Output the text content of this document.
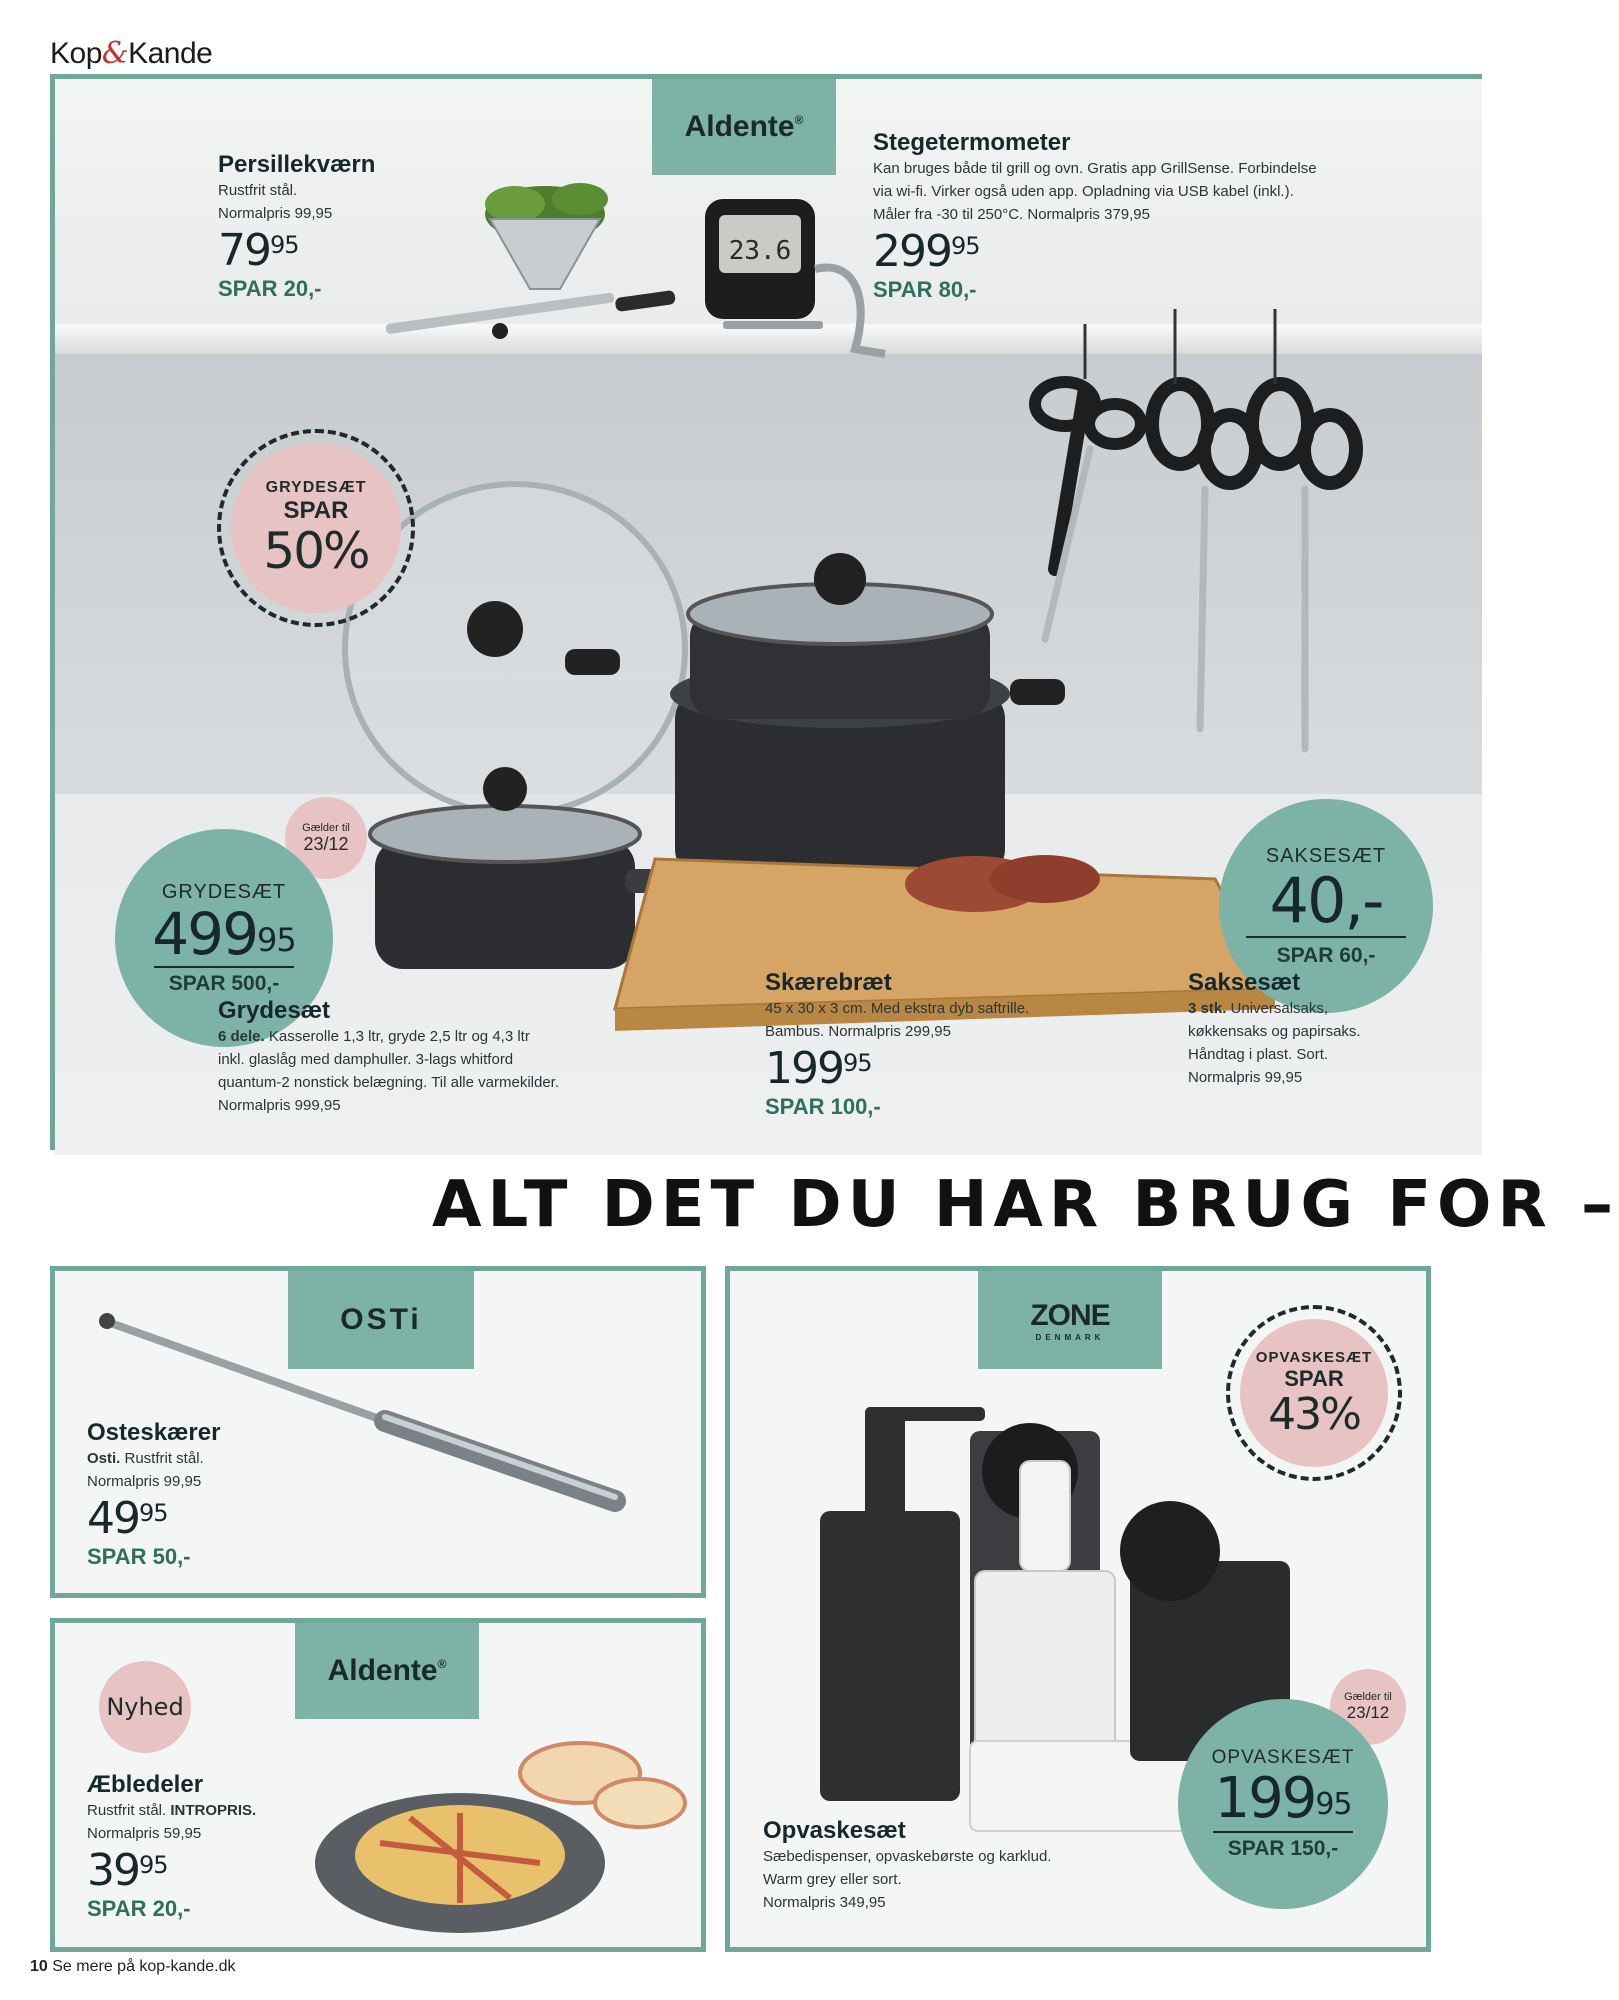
Kop&Kande
Aldente ®
Persillekværn
Rustfrit stål.
Normalpris 99,95
$79^{95}$
SPAR 20,-
23.6
Stegetermometer
Kan bruges både til grill og ovn. Gratis app GrillSense. Forbindelse
via wi-fi. Virker også uden app. Opladning via USB kabel (inkl.).
Måler fra -30 til 250°C. Normalpris 379,95
$299^{95}$
SPAR 80,-
GRYDESÆT
SPAR
50%
Gælder til
23/12
GRYDESÆT
$499^{95}$
SPAR 500,-
SAKSESÆT
40,-
SPAR 60,-
Grydesæt
6 dele. Kasserolle 1,3 ltr, gryde 2,5 ltr og 4,3 ltr
inkl. glaslåg med damphuller. 3-lags whitford
quantum-2 nonstick belægning. Til alle varmekilder.
Normalpris 999,95
Skærebræt
45 x 30 x 3 cm. Med ekstra dyb saftrille.
Bambus. Normalpris 299,95
$199^{95}$
SPAR 100,-
Saksesæt
3 stk. Universalsaks,
køkkensaks og papirsaks.
Håndtag i plast. Sort.
Normalpris 99,95
ALT DET DU HAR BRUG FOR –
OSTi
Osteskærer
Osti. Rustfrit stål.
Normalpris 99,95
$49^{95}$
SPAR 50,-
Aldente ®
Nyhed
Æbledeler
Rustfrit stål. INTROPRIS.
Normalpris 59,95
$39^{95}$
SPAR 20,-
ZONE
DENMARK
OPVASKESÆT
SPAR
43%
Gælder til
23/12
OPVASKESÆT
$199^{95}$
SPAR 150,-
Opvaskesæt
Sæbedispenser, opvaskebørste og karklud.
Warm grey eller sort.
Normalpris 349,95
10 Se mere på kop-kande.dk
